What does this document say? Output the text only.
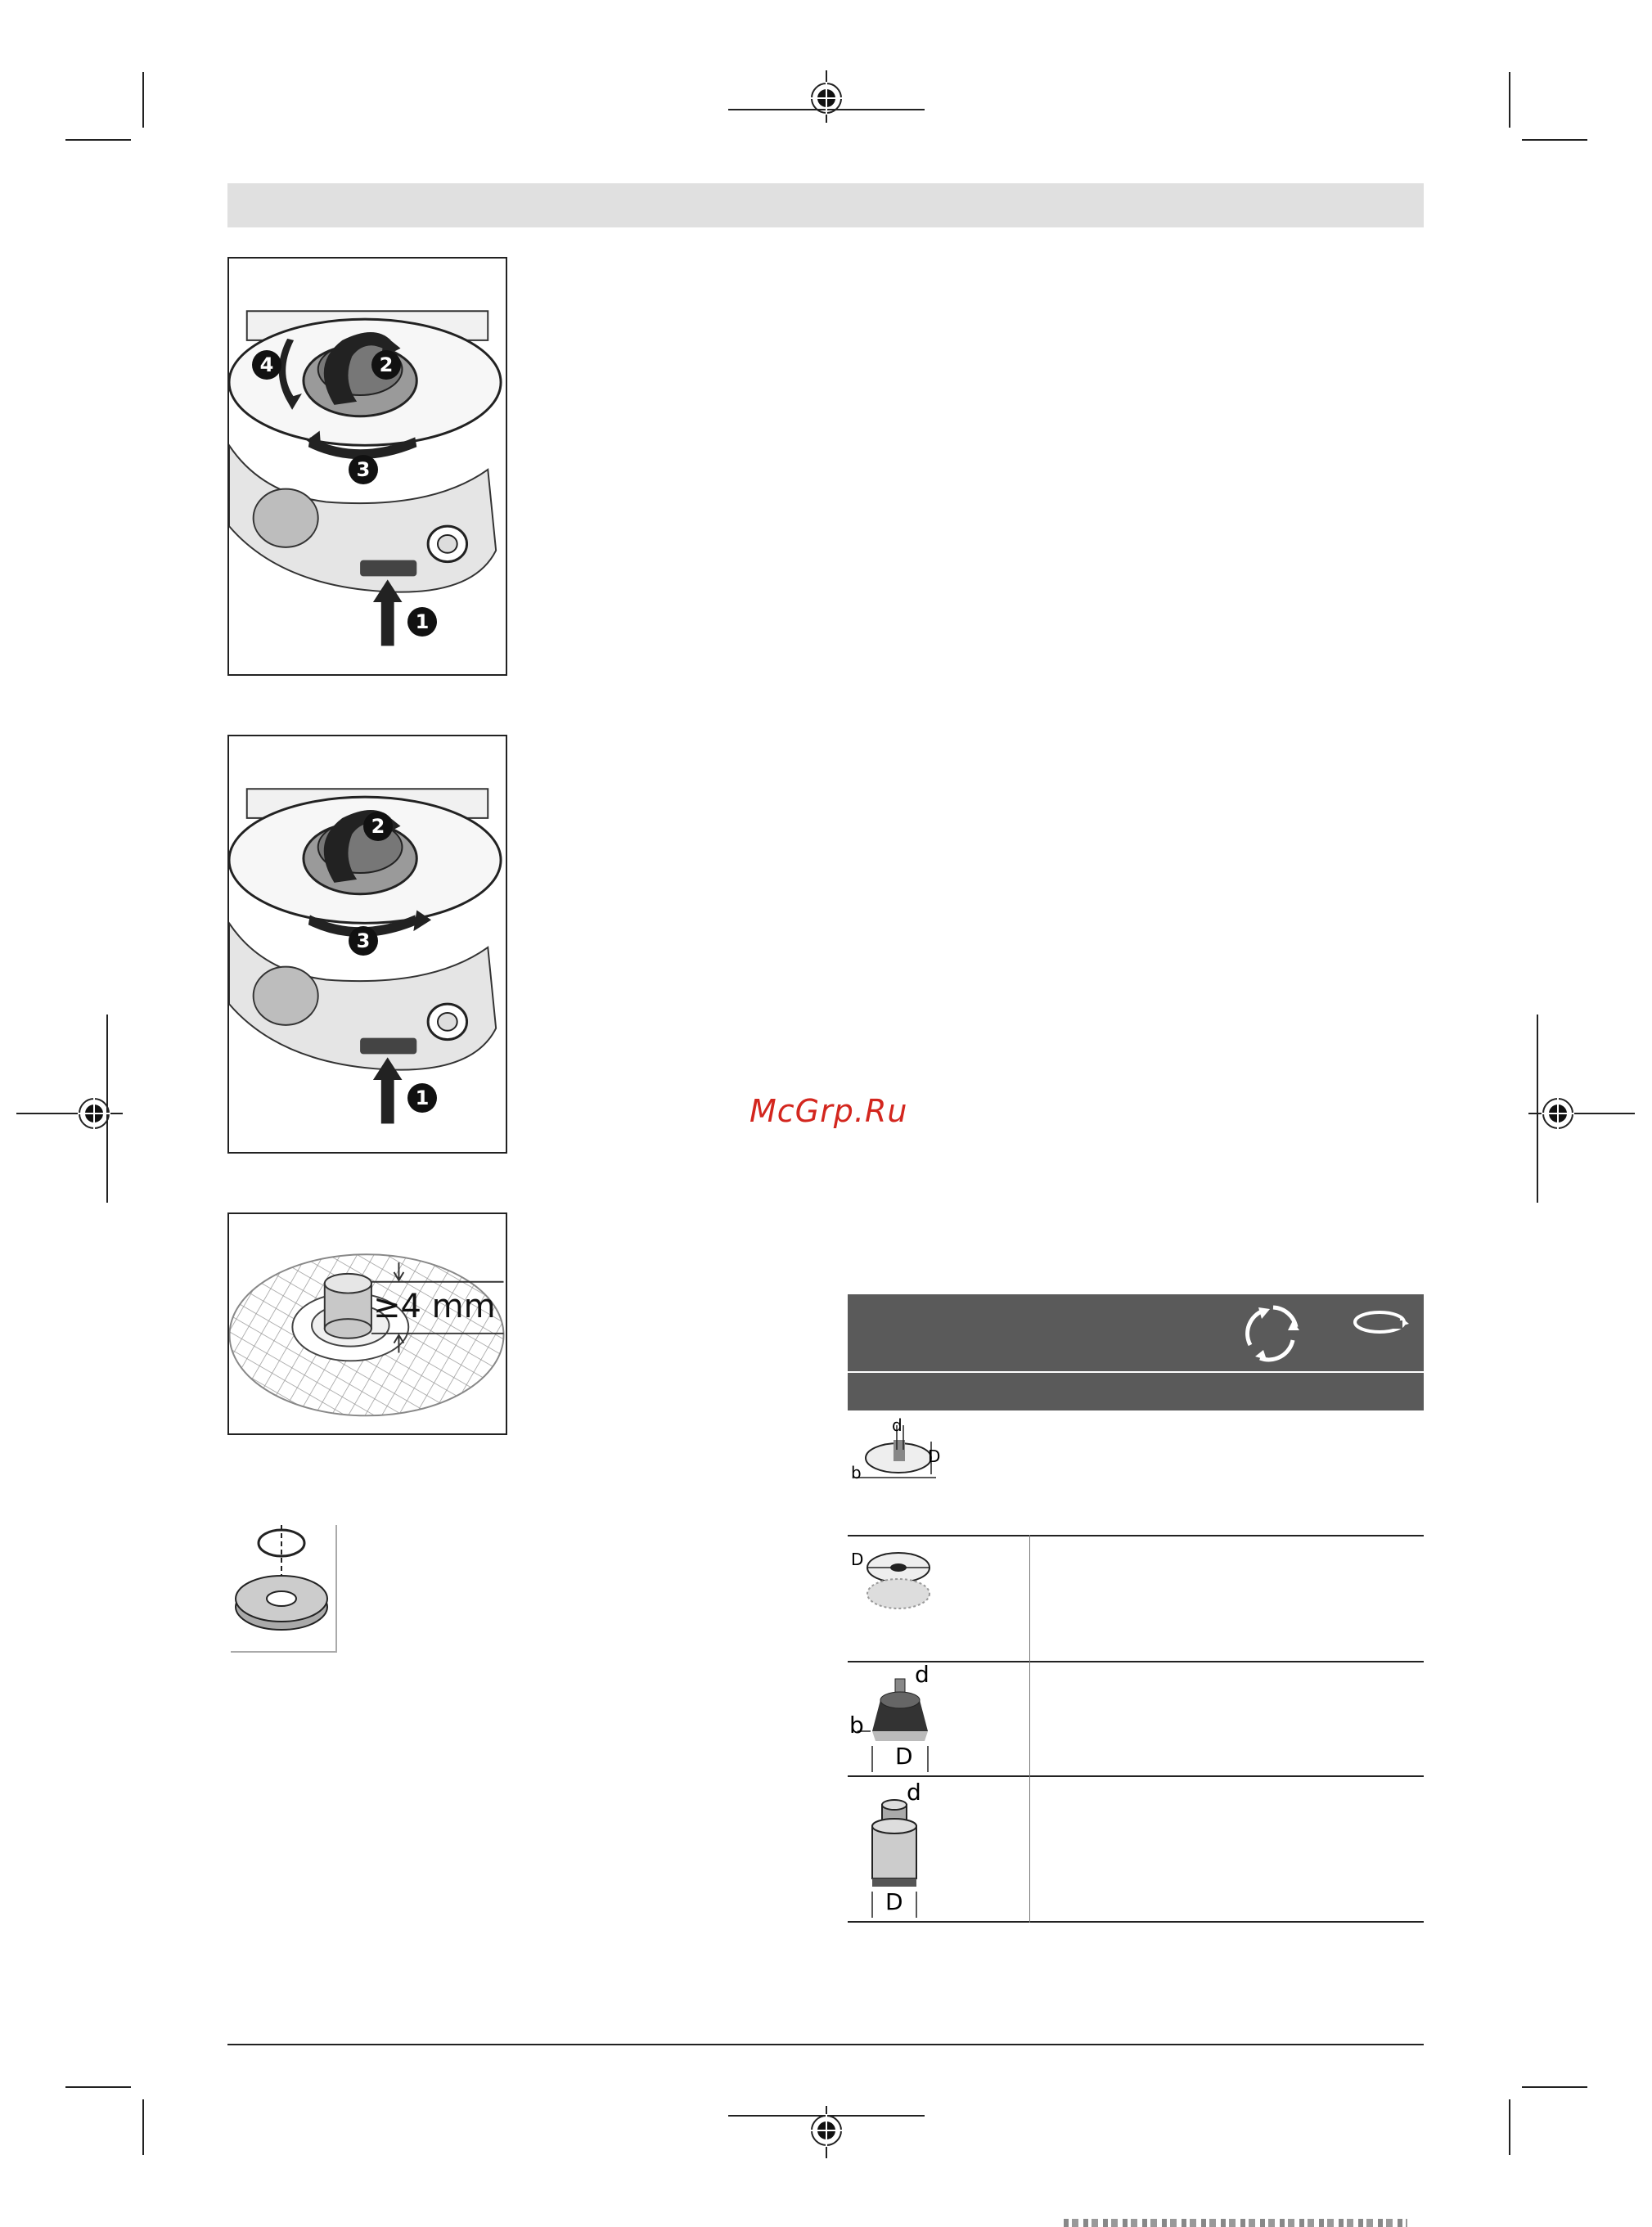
4	2
3
1
2
3
1
≥4 mm
McGrp.Ru
d
D
b
D
d
b
D
d
D
